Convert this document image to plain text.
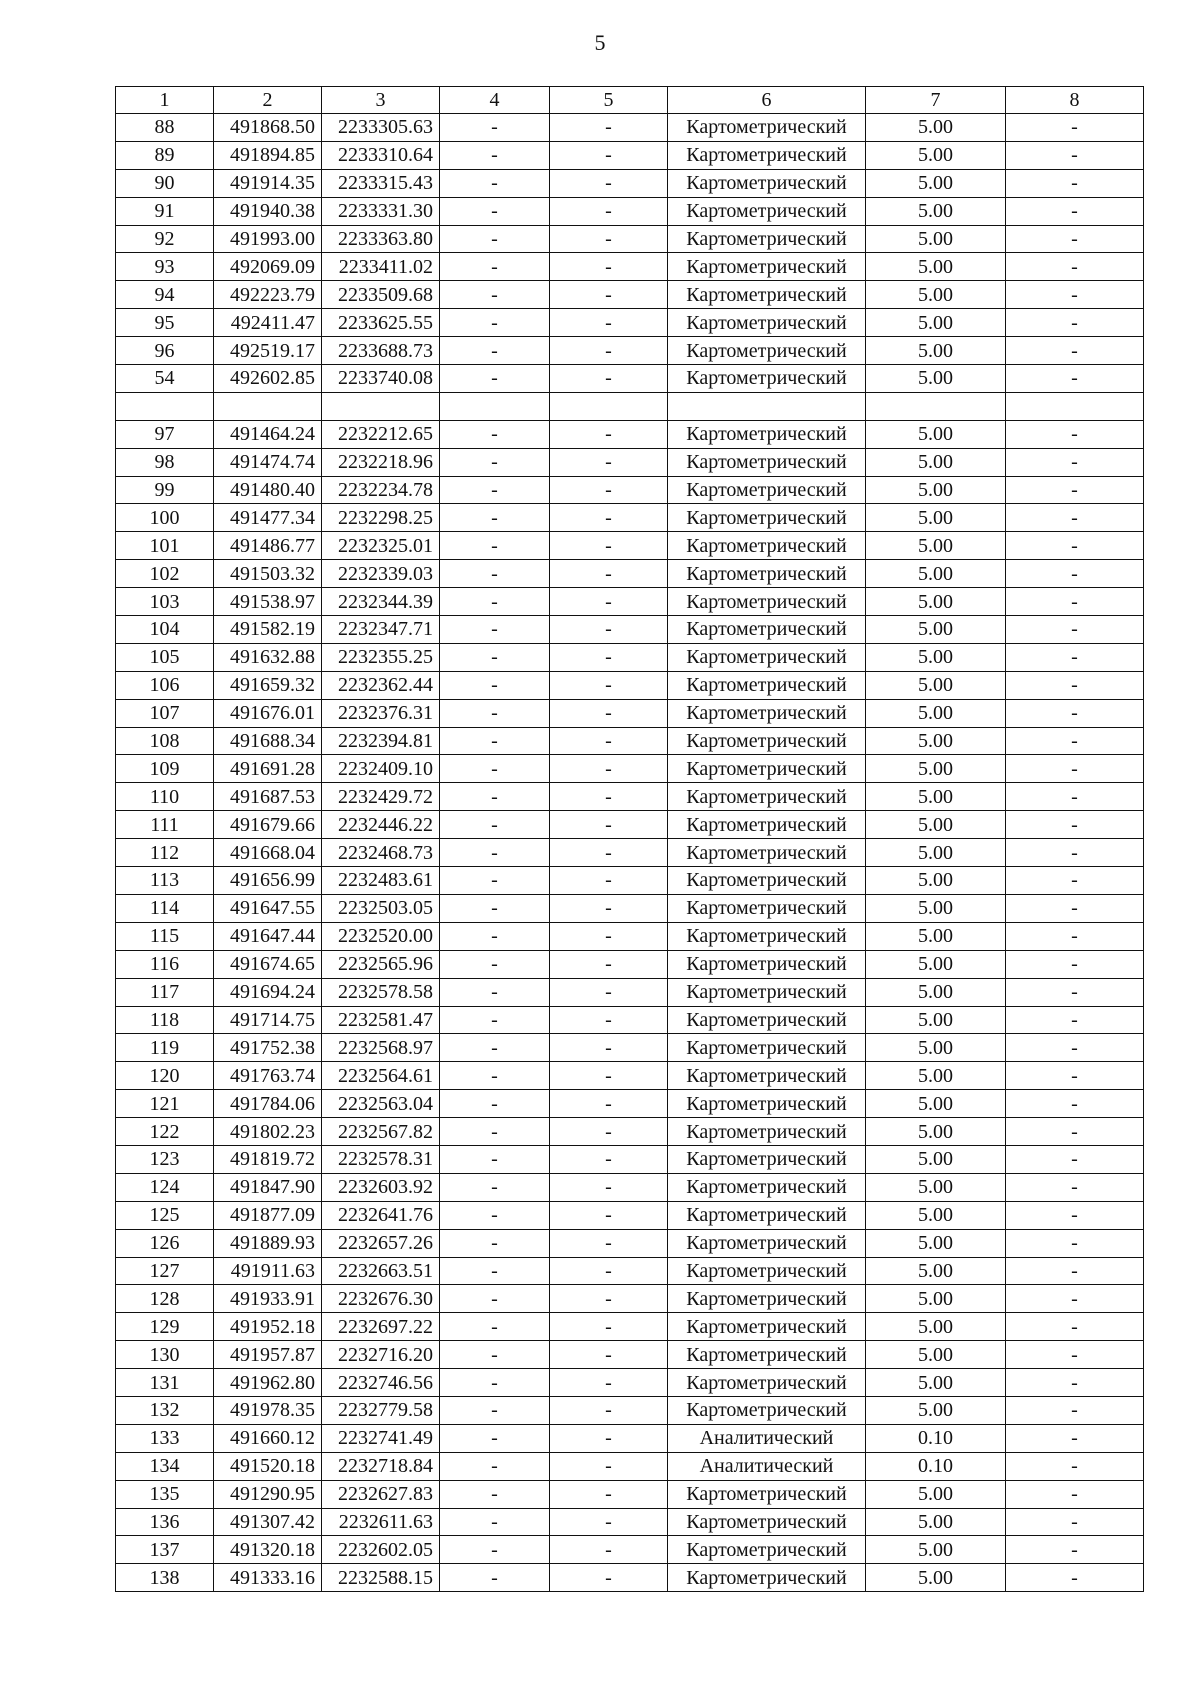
5
1	2	3	4	5	6	7	8
88	491868.50	2233305.63	-	-	Картометрический	5.00	-
89	491894.85	2233310.64	-	-	Картометрический	5.00	-
90	491914.35	2233315.43	-	-	Картометрический	5.00	-
91	491940.38	2233331.30	-	-	Картометрический	5.00	-
92	491993.00	2233363.80	-	-	Картометрический	5.00	-
93	492069.09	2233411.02	-	-	Картометрический	5.00	-
94	492223.79	2233509.68	-	-	Картометрический	5.00	-
95	492411.47	2233625.55	-	-	Картометрический	5.00	-
96	492519.17	2233688.73	-	-	Картометрический	5.00	-
54	492602.85	2233740.08	-	-	Картометрический	5.00	-

97	491464.24	2232212.65	-	-	Картометрический	5.00	-
98	491474.74	2232218.96	-	-	Картометрический	5.00	-
99	491480.40	2232234.78	-	-	Картометрический	5.00	-
100	491477.34	2232298.25	-	-	Картометрический	5.00	-
101	491486.77	2232325.01	-	-	Картометрический	5.00	-
102	491503.32	2232339.03	-	-	Картометрический	5.00	-
103	491538.97	2232344.39	-	-	Картометрический	5.00	-
104	491582.19	2232347.71	-	-	Картометрический	5.00	-
105	491632.88	2232355.25	-	-	Картометрический	5.00	-
106	491659.32	2232362.44	-	-	Картометрический	5.00	-
107	491676.01	2232376.31	-	-	Картометрический	5.00	-
108	491688.34	2232394.81	-	-	Картометрический	5.00	-
109	491691.28	2232409.10	-	-	Картометрический	5.00	-
110	491687.53	2232429.72	-	-	Картометрический	5.00	-
111	491679.66	2232446.22	-	-	Картометрический	5.00	-
112	491668.04	2232468.73	-	-	Картометрический	5.00	-
113	491656.99	2232483.61	-	-	Картометрический	5.00	-
114	491647.55	2232503.05	-	-	Картометрический	5.00	-
115	491647.44	2232520.00	-	-	Картометрический	5.00	-
116	491674.65	2232565.96	-	-	Картометрический	5.00	-
117	491694.24	2232578.58	-	-	Картометрический	5.00	-
118	491714.75	2232581.47	-	-	Картометрический	5.00	-
119	491752.38	2232568.97	-	-	Картометрический	5.00	-
120	491763.74	2232564.61	-	-	Картометрический	5.00	-
121	491784.06	2232563.04	-	-	Картометрический	5.00	-
122	491802.23	2232567.82	-	-	Картометрический	5.00	-
123	491819.72	2232578.31	-	-	Картометрический	5.00	-
124	491847.90	2232603.92	-	-	Картометрический	5.00	-
125	491877.09	2232641.76	-	-	Картометрический	5.00	-
126	491889.93	2232657.26	-	-	Картометрический	5.00	-
127	491911.63	2232663.51	-	-	Картометрический	5.00	-
128	491933.91	2232676.30	-	-	Картометрический	5.00	-
129	491952.18	2232697.22	-	-	Картометрический	5.00	-
130	491957.87	2232716.20	-	-	Картометрический	5.00	-
131	491962.80	2232746.56	-	-	Картометрический	5.00	-
132	491978.35	2232779.58	-	-	Картометрический	5.00	-
133	491660.12	2232741.49	-	-	Аналитический	0.10	-
134	491520.18	2232718.84	-	-	Аналитический	0.10	-
135	491290.95	2232627.83	-	-	Картометрический	5.00	-
136	491307.42	2232611.63	-	-	Картометрический	5.00	-
137	491320.18	2232602.05	-	-	Картометрический	5.00	-
138	491333.16	2232588.15	-	-	Картометрический	5.00	-
